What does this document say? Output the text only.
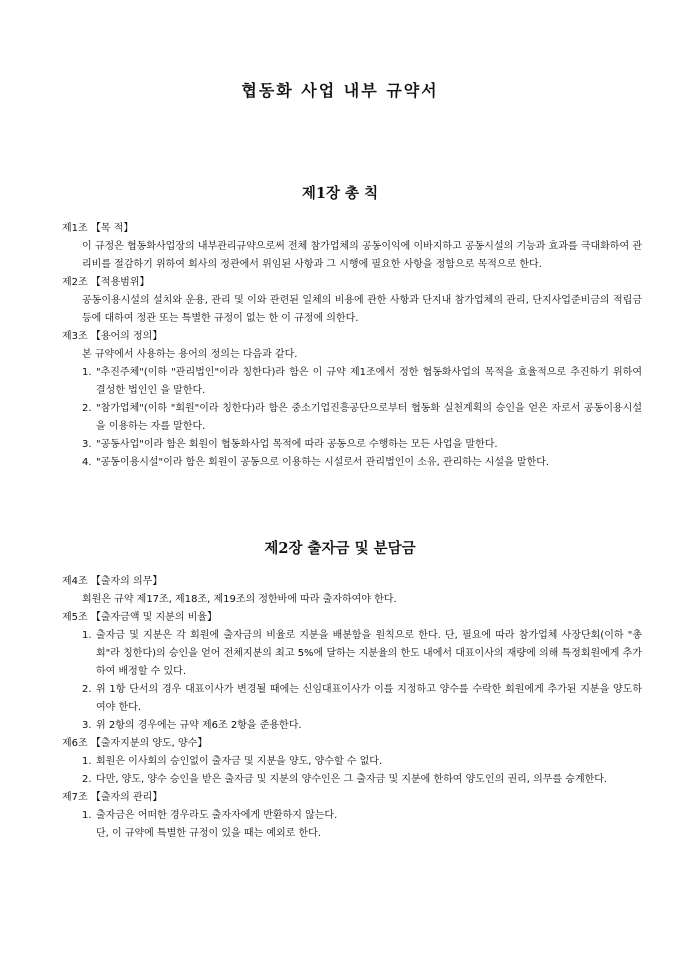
협동화 사업 내부 규약서
제1장 총 칙
제1조 【목 적】
이 규정은 협동화사업장의 내부관리규약으로써 전체 참가업체의 공동이익에 이바지하고 공동시설의 기능과 효과를 극대화하여 관리비를 절감하기 위하여 회사의 정관에서 위임된 사항과 그 시행에 필요한 사항을 정함으로 목적으로 한다.
제2조 【적용범위】
공동이용시설의 설치와 운용, 관리 및 이와 관련된 일체의 비용에 관한 사항과 단지내 참가업체의 관리, 단지사업준비금의 적립금 등에 대하여 정관 또는 특별한 규정이 없는 한 이 규정에 의한다.
제3조 【용어의 정의】
본 규약에서 사용하는 용어의 정의는 다음과 같다.
1. "추진주체"(이하 "관리법인"이라 칭한다)라 함은 이 규약 제1조에서 정한 협동화사업의 목적을 효율적으로 추진하기 위하여 결성한 법인인 을 말한다.
2. "참가업체"(이하 "회원"이라 칭한다)라 함은 중소기업진흥공단으로부터 협동화 실천계획의 승인을 얻은 자로서 공동이용시설을 이용하는 자를 말한다.
3. "공동사업"이라 함은 회원이 협동화사업 목적에 따라 공동으로 수행하는 모든 사업을 말한다.
4. "공동이용시설"이라 함은 회원이 공동으로 이용하는 시설로서 관리법인이 소유, 관리하는 시설을 말한다.
제2장 출자금 및 분담금
제4조 【출자의 의무】
회원은 규약 제17조, 제18조, 제19조의 정한바에 따라 출자하여야 한다.
제5조 【출자금액 및 지분의 비율】
1. 출자금 및 지분은 각 회원에 출자금의 비율로 지분을 배분함을 원칙으로 한다. 단, 필요에 따라 참가업체 사장단회(이하 "총회"라 칭한다)의 승인을 얻어 전체지분의 최고 5%에 달하는 지분율의 한도 내에서 대표이사의 재량에 의해 특정회원에게 추가하여 배정할 수 있다.
2. 위 1항 단서의 경우 대표이사가 변경될 때에는 신임대표이사가 이를 지정하고 양수를 수락한 회원에게 추가된 지분을 양도하여야 한다.
3. 위 2항의 경우에는 규약 제6조 2항을 준용한다.
제6조 【출자지분의 양도, 양수】
1. 회원은 이사회의 승인없이 출자금 및 지분을 양도, 양수할 수 없다.
2. 다만, 양도, 양수 승인을 받은 출자금 및 지분의 양수인은 그 출자금 및 지분에 한하여 양도인의 권리, 의무를 승계한다.
제7조 【출자의 관리】
1. 출자금은 어떠한 경우라도 출자자에게 반환하지 않는다.
단, 이 규약에 특별한 규정이 있을 때는 예외로 한다.
